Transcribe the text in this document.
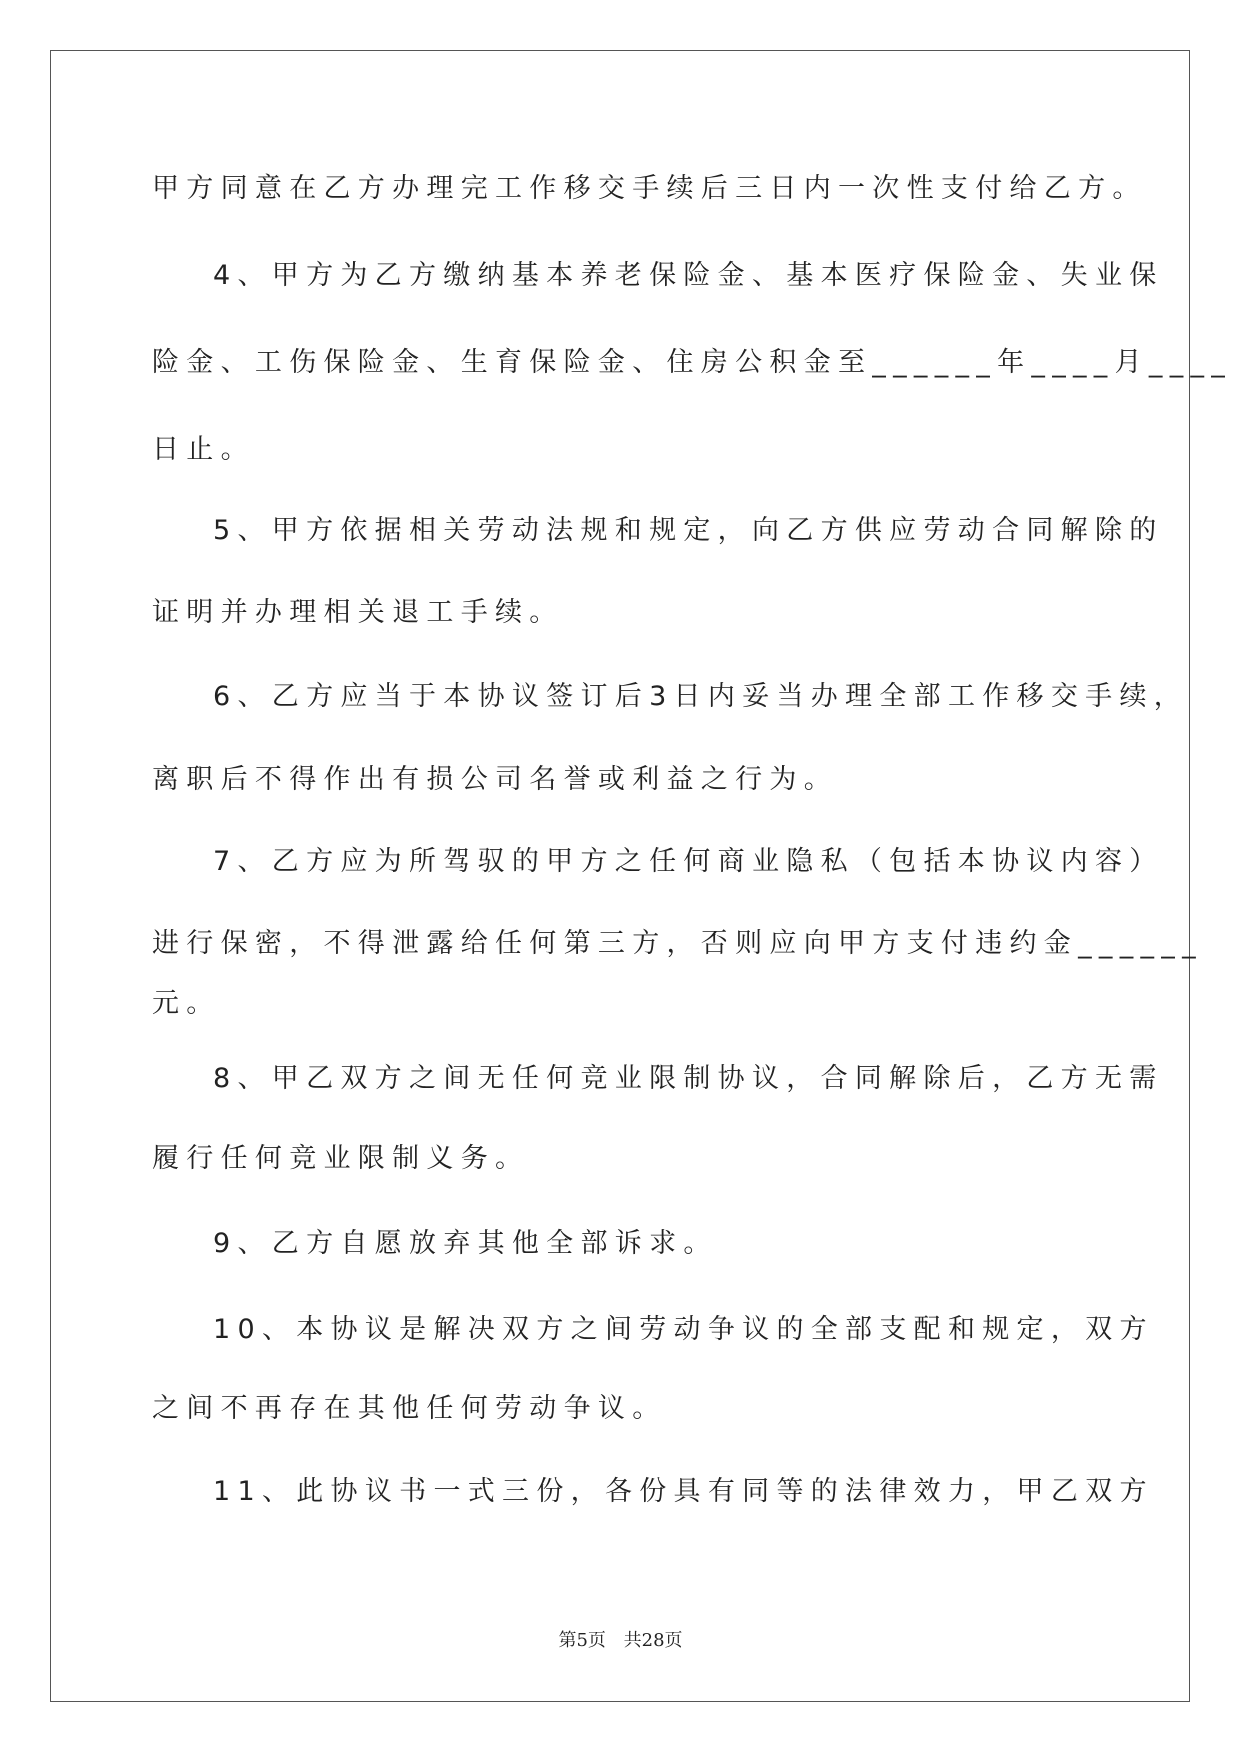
甲方同意在乙方办理完工作移交手续后三日内一次性支付给乙方。
4、甲方为乙方缴纳基本养老保险金、基本医疗保险金、失业保
险金、工伤保险金、生育保险金、住房公积金至______年____月____
日止。
5、甲方依据相关劳动法规和规定，向乙方供应劳动合同解除的
证明并办理相关退工手续。
6、乙方应当于本协议签订后3日内妥当办理全部工作移交手续，
离职后不得作出有损公司名誉或利益之行为。
7、乙方应为所驾驭的甲方之任何商业隐私（包括本协议内容）
进行保密，不得泄露给任何第三方，否则应向甲方支付违约金______
元。
8、甲乙双方之间无任何竞业限制协议，合同解除后，乙方无需
履行任何竞业限制义务。
9、乙方自愿放弃其他全部诉求。
10、本协议是解决双方之间劳动争议的全部支配和规定，双方
之间不再存在其他任何劳动争议。
11、此协议书一式三份，各份具有同等的法律效力，甲乙双方
第5页 共28页
